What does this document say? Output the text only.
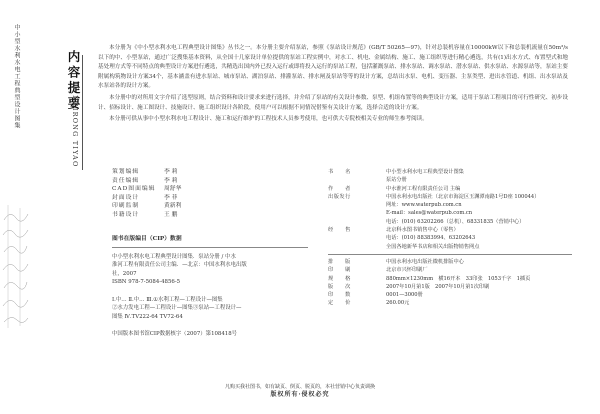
中小型水利水电工程典型设计图集	内容提要
NEIRONG TIYAO

本分册为《中小型水利水电工程典型设计图集》丛书之一。本分册主要介绍泵站，参照《泵站设计规范》(GB/T 50265—97)，针对总装机容量在10000kW以下和总装机流量在50m³/s以下的中、小型泵站，通过广泛搜集基本资料，从全国十几家设计单位提供的泵站工程实例中，对水工、机电、金属结构、施工、施工组织等进行精心遴选，共有(1)出水方式、布置型式和地基处理方式等不同特点的典型设计方案进行遴选，共精选出国内外已投入运行或即将投入运行的泵站工程，包括灌溉泵站、排水泵站、调水泵站、潜水泵站、供水泵站、水源泵站等，泵站主要附属构筑物设计方案34个，基本涵盖有进水泵站、城市泵站、湖泊泵站、排灌泵站、排水闸及泵站等等的设计方案，总结出水泵、电机、变压器、主泵类型、进出水管道、机组、出水泵站及水泵站各的设计方案。

本分册中的对所用文字介绍了选型原则，结合资料和设计要求来进行选择，并介绍了泵站的有关设计参数、泵型、机组布置等的典型设计方案，适用于泵站工程项目的可行性研究、初步设计、招标设计、施工图设计、技施设计、施工组织设计各阶段，使用户可以根据不同情况借鉴有关设计方案，选择合适的设计方案。

本分册可供从事中小型水利水电工程设计、施工和运行维护的工程技术人员参考使用，也可供大专院校相关专业的师生参考阅读。

策划编辑	李 莉
责任编辑	李 莉
CAD图面编辑	周舒华
封面设计	李 菲
印刷监制	黄新利
书籍设计	王 鹏
图书在版编目（CIP）数据
中小型水利水电工程典型设计图集．泵站分册 / 中水
淮河工程有限责任公司主编．—北京：中国水利水电出版
社，2007
ISBN 978-7-5084-4856-5

Ⅰ.中… Ⅱ.中… Ⅲ.①水利工程—工程设计—图集
②水力发电工程—工程设计—图集③泵站—工程设计—
图集 Ⅳ.TV222-64 TV72-64

中国版本图书馆CIP数据核字（2007）第108418号
书　　名	中小型水利水电工程典型设计图集
泵站分册
作　　者	中水淮河工程有限责任公司 主编
出版发行	中国水利水电出版社（北京市海淀区玉渊潭南路1号D座 100044）
网址：www.waterpub.com.cn
E-mail：sales@waterpub.com.cn
电话：(010) 63202266（总机）、68331835（营销中心）
经　　售	北京科水图书销售中心（零售）
电话：(010) 88383994、63202643
全国各地新华书店和相关出版物销售网点
排　　版	中国水利水电出版社微机排版中心
印　　刷	北京市兴怀印刷厂
规　　格	880mm×1230mm　横16开本　33印张　1053千字　1插页
版　　次	2007年10月第1版　2007年10月第1次印刷
印　　数	0001—3000册
定　　价	260.00元
凡购买我社图书，如有缺页、倒页、脱页的，本社营销中心负责调换
版权所有·侵权必究
